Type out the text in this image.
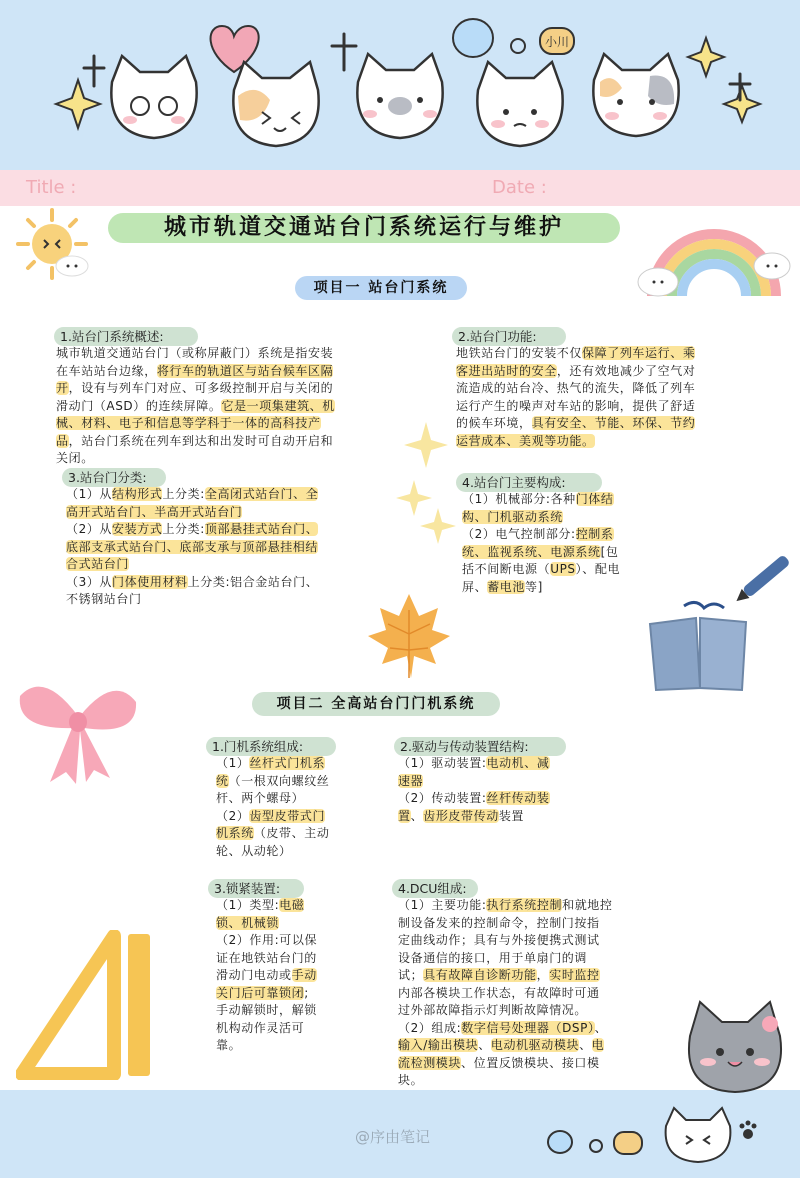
Title :	Date :
小川
城市轨道交通站台门系统运行与维护
项目一 站台门系统
1.站台门系统概述:
城市轨道交通站台门（或称屏蔽门）系统是指安装
在车站站台边缘，将行车的轨道区与站台候车区隔
开，设有与列车门对应、可多级控制开启与关闭的
滑动门（ASD）的连续屏障。它是一项集建筑、机
械、材料、电子和信息等学科于一体的高科技产
品，站台门系统在列车到达和出发时可自动开启和
关闭。
2.站台门功能:
地铁站台门的安装不仅保障了列车运行、乘
客进出站时的安全，还有效地减少了空气对
流造成的站台冷、热气的流失，降低了列车
运行产生的噪声对车站的影响，提供了舒适
的候车环境，具有安全、节能、环保、节约
运营成本、美观等功能。
3.站台门分类:
（1）从结构形式上分类:全高闭式站台门、全
高开式站台门、半高开式站台门
（2）从安装方式上分类:顶部悬挂式站台门、
底部支承式站台门、底部支承与顶部悬挂相结
合式站台门
（3）从门体使用材料上分类:铝合金站台门、
不锈钢站台门
4.站台门主要构成:
（1）机械部分:各种门体结
构、门机驱动系统
（2）电气控制部分:控制系
统、监视系统、电源系统[包
括不间断电源（UPS）、配电
屏、蓄电池等]
项目二 全高站台门门机系统
1.门机系统组成:
（1）丝杆式门机系
统（一根双向螺纹丝
杆、两个螺母）
（2）齿型皮带式门
机系统（皮带、主动
轮、从动轮）
2.驱动与传动装置结构:
（1）驱动装置:电动机、减
速器
（2）传动装置:丝杆传动装
置、齿形皮带传动装置
3.锁紧装置:
（1）类型:电磁
锁、机械锁
（2）作用:可以保
证在地铁站台门的
滑动门电动或手动
关门后可靠锁闭;
手动解锁时，解锁
机构动作灵活可
靠。
4.DCU组成:
（1）主要功能:执行系统控制和就地控
制设备发来的控制命令，控制门按指
定曲线动作；具有与外接便携式测试
设备通信的接口，用于单扇门的调
试；具有故障自诊断功能，实时监控
内部各模块工作状态，有故障时可通
过外部故障指示灯判断故障情况。
（2）组成:数字信号处理器（DSP）、
输入/输出模块、电动机驱动模块、电
流检测模块、位置反馈模块、接口模
块。
@序由笔记
